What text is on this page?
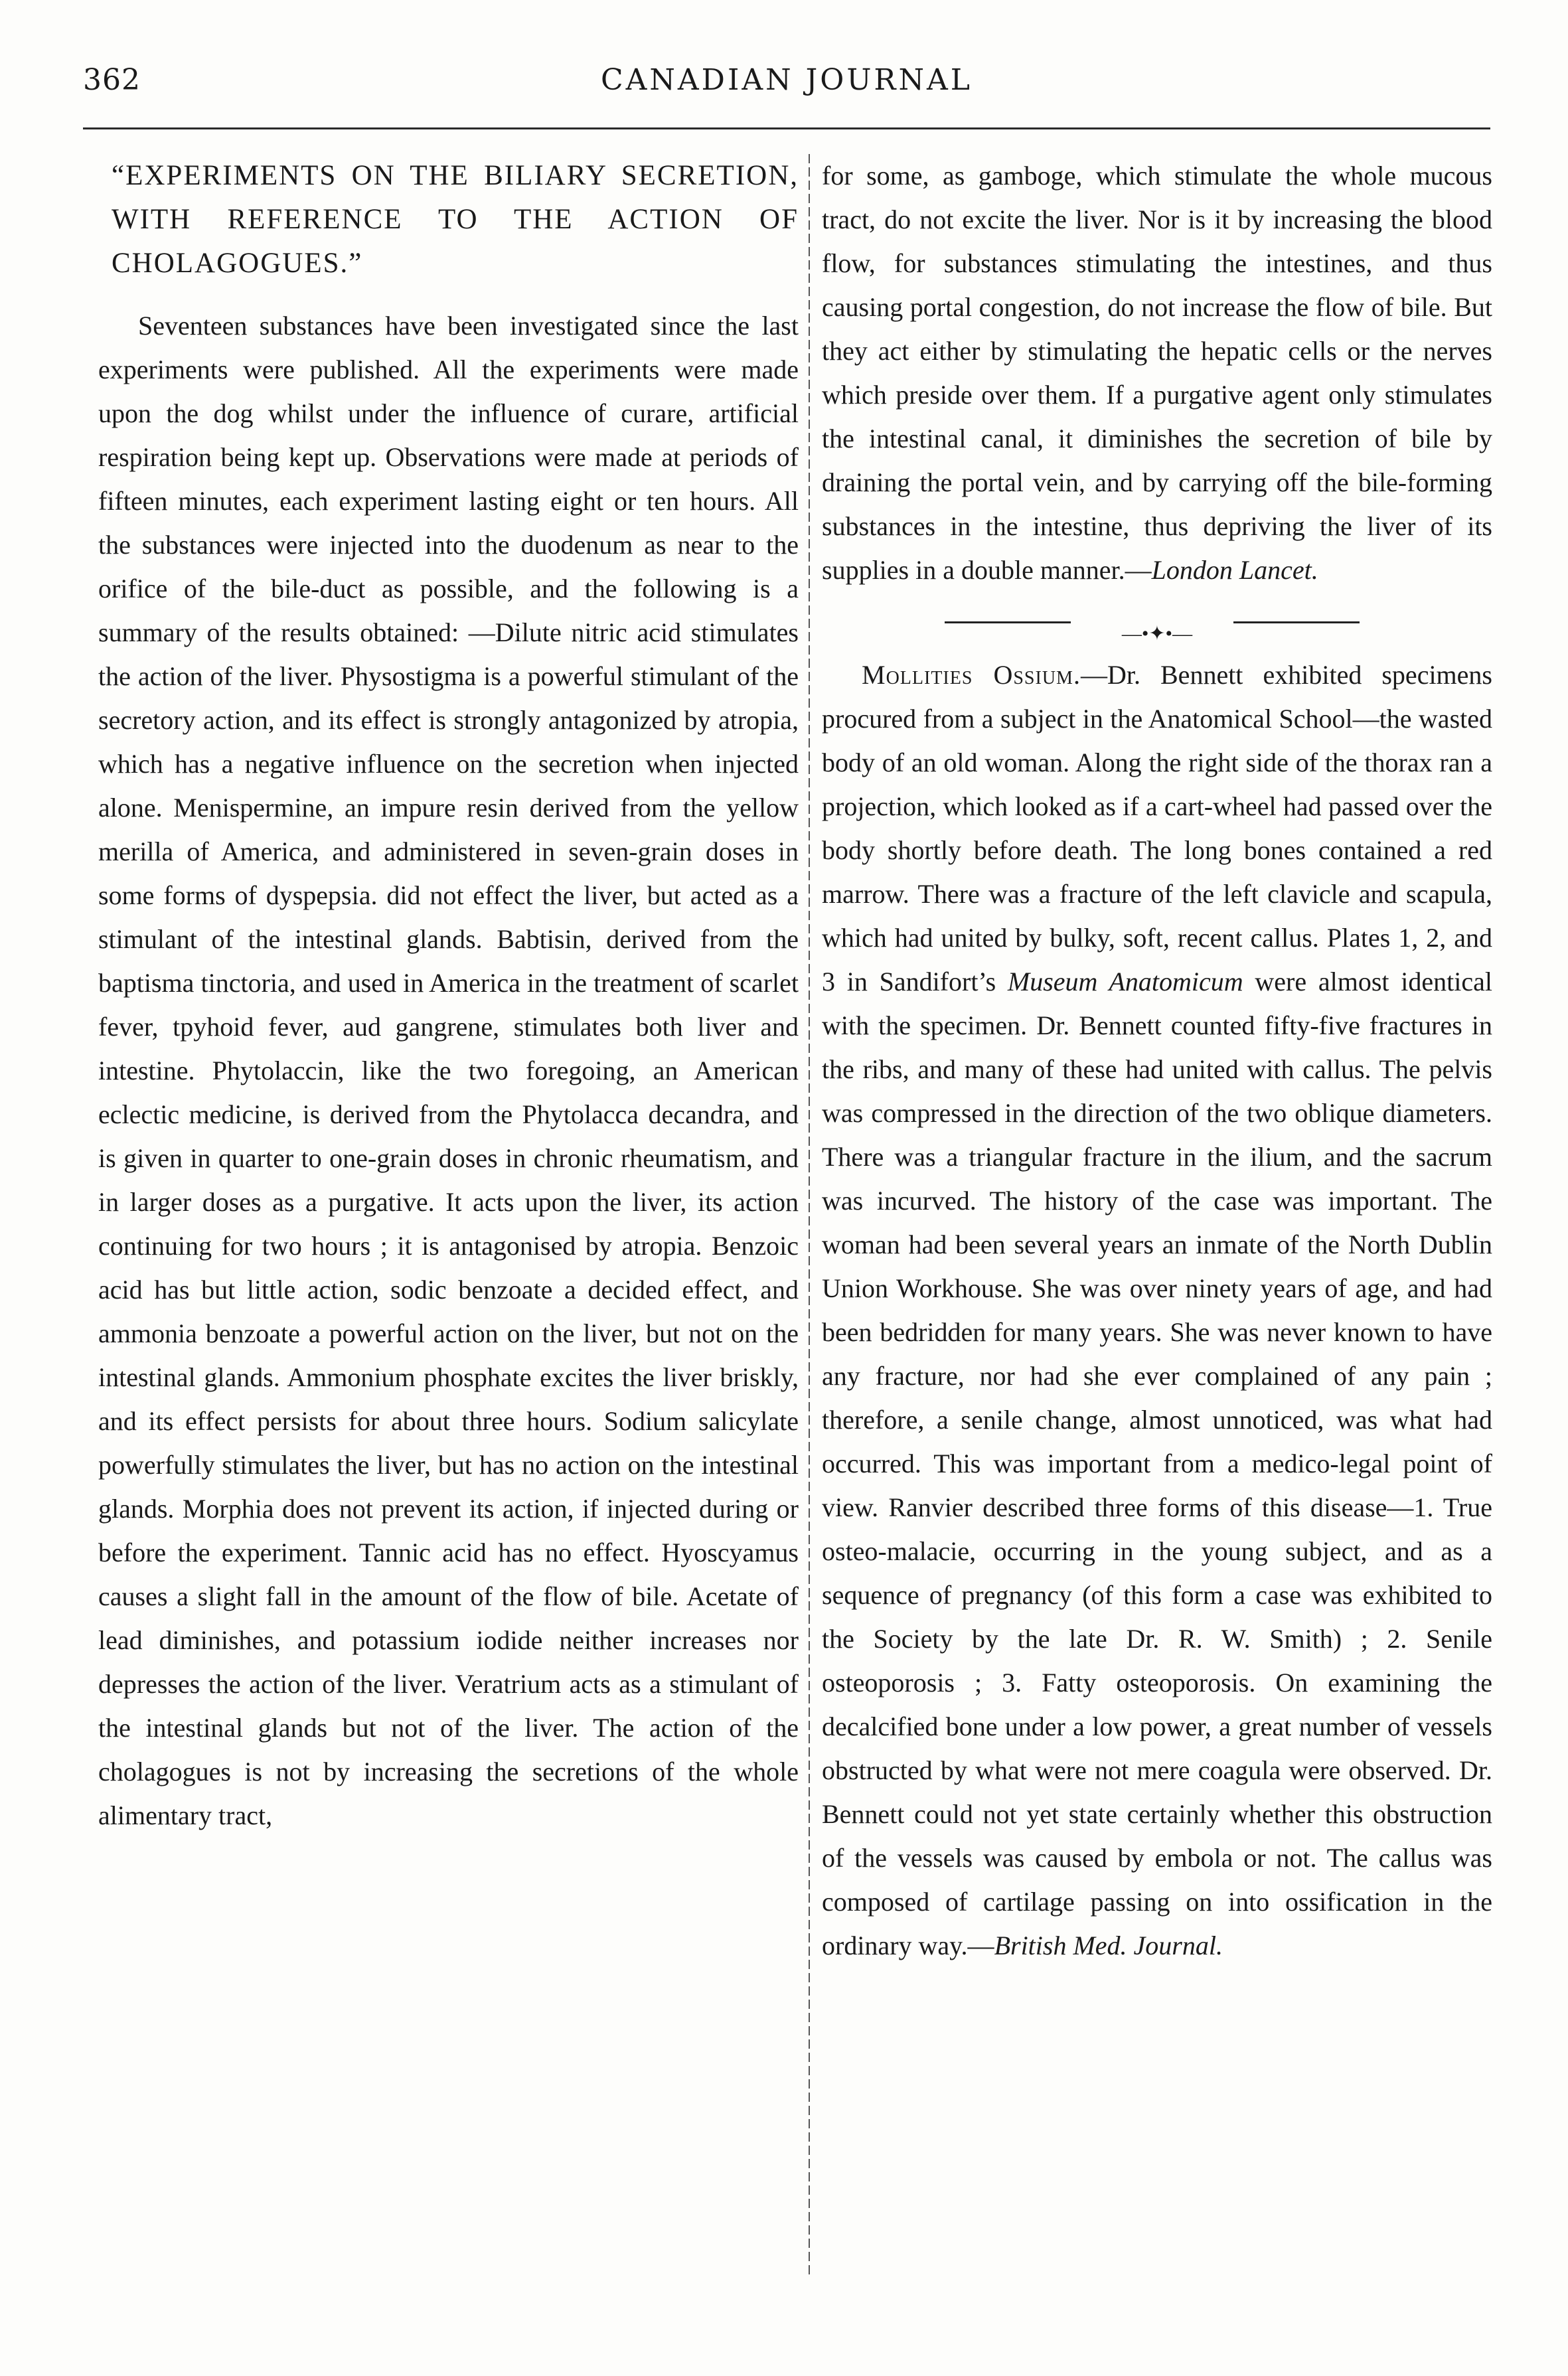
362	CANADIAN JOURNAL

“EXPERIMENTS ON THE BILIARY SECRETION, WITH REFERENCE TO THE ACTION OF CHOLAGOGUES.”

Seventeen substances have been investigated since the last experiments were published. All the experiments were made upon the dog whilst under the influence of curare, artificial respiration being kept up. Observations were made at periods of fifteen minutes, each experiment lasting eight or ten hours. All the substances were injected into the duodenum as near to the orifice of the bile-duct as possible, and the following is a summary of the results obtained: —Dilute nitric acid stimulates the action of the liver. Physostigma is a powerful stimulant of the secretory action, and its effect is strongly antagonized by atropia, which has a negative influence on the secretion when injected alone. Menispermine, an impure resin derived from the yellow merilla of America, and administered in seven-grain doses in some forms of dyspepsia. did not effect the liver, but acted as a stimulant of the intestinal glands. Babtisin, derived from the baptisma tinctoria, and used in America in the treatment of scarlet fever, tpyhoid fever, aud gangrene, stimulates both liver and intestine. Phytolaccin, like the two foregoing, an American eclectic medicine, is derived from the Phytolacca decandra, and is given in quarter to one-grain doses in chronic rheumatism, and in larger doses as a purgative. It acts upon the liver, its action continuing for two hours ; it is antagonised by atropia. Benzoic acid has but little action, sodic benzoate a decided effect, and ammonia benzoate a powerful action on the liver, but not on the intestinal glands. Ammonium phosphate excites the liver briskly, and its effect persists for about three hours. Sodium salicylate powerfully stimulates the liver, but has no action on the intestinal glands. Morphia does not prevent its action, if injected during or before the experiment. Tannic acid has no effect. Hyoscyamus causes a slight fall in the amount of the flow of bile. Acetate of lead diminishes, and potassium iodide neither increases nor depresses the action of the liver. Veratrium acts as a stimulant of the intestinal glands but not of the liver. The action of the cholagogues is not by increasing the secretions of the whole alimentary tract,

for some, as gamboge, which stimulate the whole mucous tract, do not excite the liver. Nor is it by increasing the blood flow, for substances stimulating the intestines, and thus causing portal congestion, do not increase the flow of bile. But they act either by stimulating the hepatic cells or the nerves which preside over them. If a purgative agent only stimulates the intestinal canal, it diminishes the secretion of bile by draining the portal vein, and by carrying off the bile-forming substances in the intestine, thus depriving the liver of its supplies in a double manner.—London Lancet.

—•✦•—

Mollities Ossium.—Dr. Bennett exhibited specimens procured from a subject in the Anatomical School—the wasted body of an old woman. Along the right side of the thorax ran a projection, which looked as if a cart-wheel had passed over the body shortly before death. The long bones contained a red marrow. There was a fracture of the left clavicle and scapula, which had united by bulky, soft, recent callus. Plates 1, 2, and 3 in Sandifort’s Museum Anatomicum were almost identical with the specimen. Dr. Bennett counted fifty-five fractures in the ribs, and many of these had united with callus. The pelvis was compressed in the direction of the two oblique diameters. There was a triangular fracture in the ilium, and the sacrum was incurved. The history of the case was important. The woman had been several years an inmate of the North Dublin Union Workhouse. She was over ninety years of age, and had been bedridden for many years. She was never known to have any fracture, nor had she ever complained of any pain ; therefore, a senile change, almost unnoticed, was what had occurred. This was important from a medico-legal point of view. Ranvier described three forms of this disease—1. True osteo-malacie, occurring in the young subject, and as a sequence of pregnancy (of this form a case was exhibited to the Society by the late Dr. R. W. Smith) ; 2. Senile osteoporosis ; 3. Fatty osteoporosis. On examining the decalcified bone under a low power, a great number of vessels obstructed by what were not mere coagula were observed. Dr. Bennett could not yet state certainly whether this obstruction of the vessels was caused by embola or not. The callus was composed of cartilage passing on into ossification in the ordinary way.—British Med. Journal.
